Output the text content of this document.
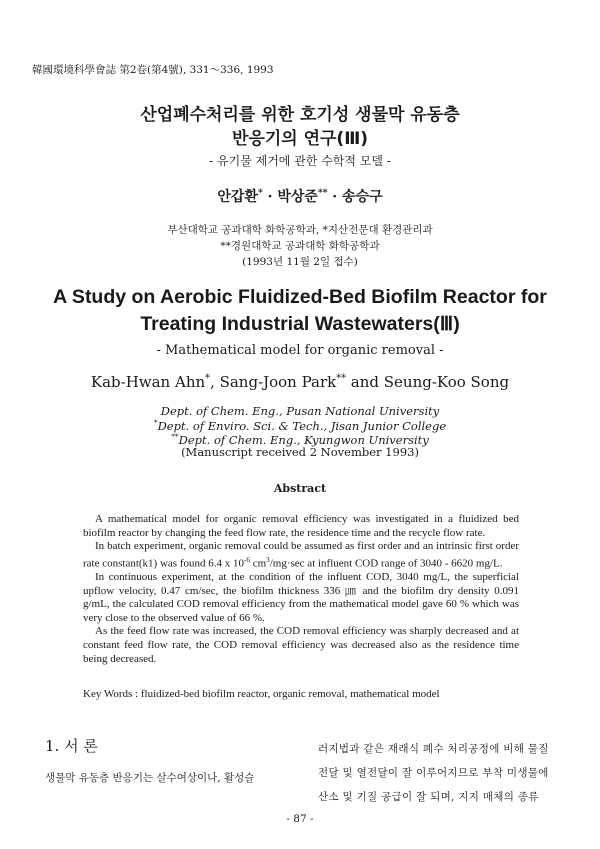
韓國環境科學會誌 第2卷(第4號), 331～336, 1993
산업폐수처리를 위한 호기성 생물막 유동층
반응기의 연구(Ⅲ)
- 유기물 제거에 관한 수학적 모델 -
안갑환* · 박상준** · 송승구
부산대학교 공과대학 화학공학과, *지산전문대 환경관리과
**경원대학교 공과대학 화학공학과
(1993년 11월 2일 접수)
A Study on Aerobic Fluidized-Bed Biofilm Reactor for
Treating Industrial Wastewaters(Ⅲ)
- Mathematical model for organic removal -
Kab-Hwan Ahn*, Sang-Joon Park** and Seung-Koo Song
Dept. of Chem. Eng., Pusan National University
*Dept. of Enviro. Sci. & Tech., Jisan Junior College
**Dept. of Chem. Eng., Kyungwon University
(Manuscript received 2 November 1993)
Abstract

A mathematical model for organic removal efficiency was investigated in a fluidized bed biofilm reactor by changing the feed flow rate, the residence time and the recycle flow rate.

In batch experiment, organic removal could be assumed as first order and an intrinsic first order rate constant(k1) was found 6.4 x $10^{-6}$ $cm^3/mg\cdot\sec$ at influent COD range of 3040 - 6620 mg/L.

In continuous experiment, at the condition of the influent COD, 3040 mg/L, the superficial upflow velocity, 0.47 cm/sec, the biofilm thickness 336 ㎛ and the biofilm dry density 0.091 g/mL, the calculated COD removal efficiency from the mathematical model gave 60 % which was very close to the observed value of 66 %.

As the feed flow rate was increased, the COD removal efficiency was sharply decreased and at constant feed flow rate, the COD removal efficiency was decreased also as the residence time being decreased.

Key Words : fluidized-bed biofilm reactor, organic removal, mathematical model
1. 서 론
생물막 유동층 반응기는 살수여상이나, 활성슬
러지법과 같은 재래식 폐수 처리공정에 비해 물질
전달 및 열전달이 잘 이루어지므로 부착 미생물에
산소 및 기질 공급이 잘 되며, 지지 매체의 종류
- 87 -
